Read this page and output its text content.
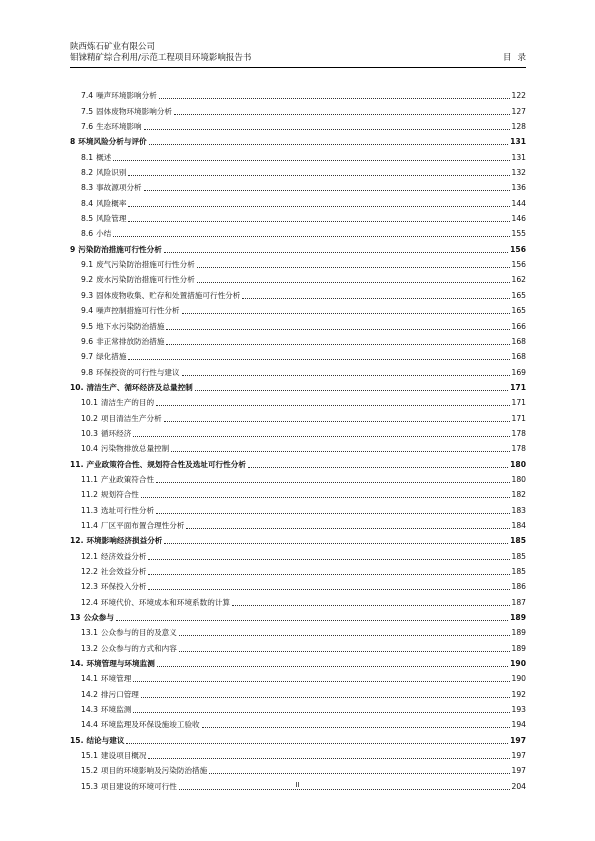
陕西炼石矿业有限公司
钼铼精矿综合利用/示范工程项目环境影响报告书	目录
7.4 噪声环境影响分析	122
7.5 固体废物环境影响分析	127
7.6 生态环境影响	128
8 环境风险分析与评价	131
8.1 概述	131
8.2 风险识别	132
8.3 事故源项分析	136
8.4 风险概率	144
8.5 风险管理	146
8.6 小结	155
9 污染防治措施可行性分析	156
9.1 废气污染防治措施可行性分析	156
9.2 废水污染防治措施可行性分析	162
9.3 固体废物收集、贮存和处置措施可行性分析	165
9.4 噪声控制措施可行性分析	165
9.5 地下水污染防治措施	166
9.6 非正常排放防治措施	168
9.7 绿化措施	168
9.8 环保投资的可行性与建议	169
10. 清洁生产、循环经济及总量控制	171
10.1 清洁生产的目的	171
10.2 项目清洁生产分析	171
10.3 循环经济	178
10.4 污染物排放总量控制	178
11. 产业政策符合性、规划符合性及选址可行性分析	180
11.1 产业政策符合性	180
11.2 规划符合性	182
11.3 选址可行性分析	183
11.4 厂区平面布置合理性分析	184
12. 环境影响经济损益分析	185
12.1 经济效益分析	185
12.2 社会效益分析	185
12.3 环保投入分析	186
12.4 环境代价、环境成本和环境系数的计算	187
13 公众参与	189
13.1 公众参与的目的及意义	189
13.2 公众参与的方式和内容	189
14. 环境管理与环境监测	190
14.1 环境管理	190
14.2 排污口管理	192
14.3 环境监测	193
14.4 环境监理及环保设施竣工验收	194
15. 结论与建议	197
15.1 建设项目概况	197
15.2 项目的环境影响及污染防治措施	197
15.3 项目建设的环境可行性	204
II
